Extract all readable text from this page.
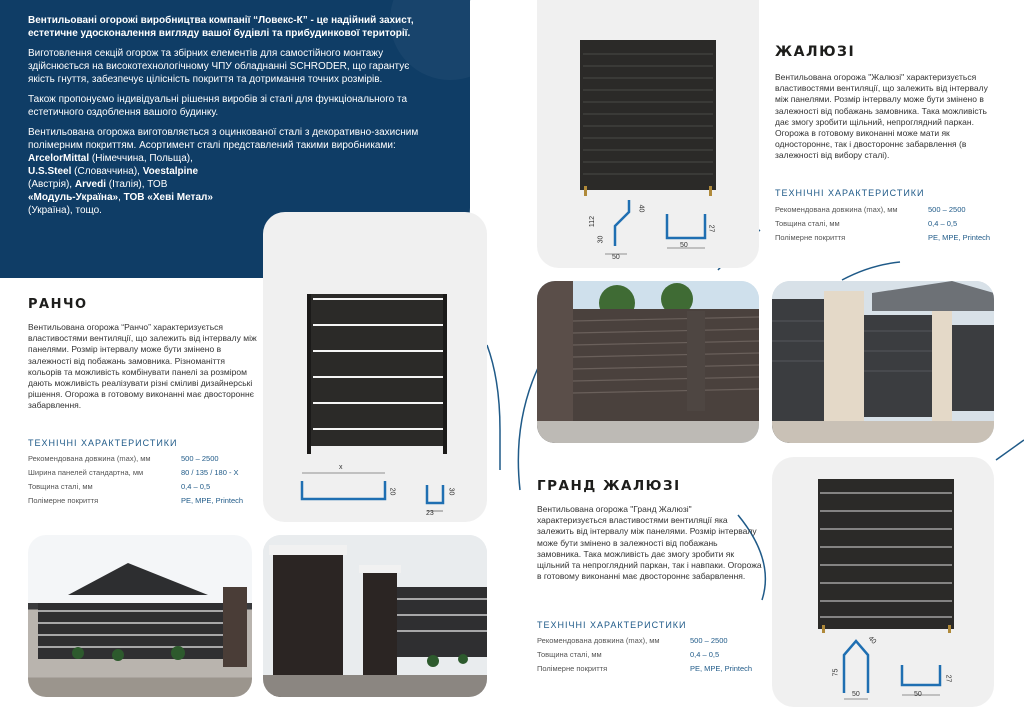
Вентильовані огорожі виробництва компанії “Ловекс-К” - це надійний захист, естетичне удосконалення вигляду вашої будівлі та прибудинкової території.

Виготовлення секцій огорож та збірних елементів для самостійного монтажу здійснюється на високотехнологічному ЧПУ обладнанні SCHRODER, що гарантує якість гнуття, забезпечує цілісність покриття та дотримання точних розмірів.

Також пропонуємо індивідуальні рішення виробів зі сталі для функціонального та естетичного оздоблення вашого будинку.

Вентильована огорожа виготовляється з оцинкованої сталі з декоративно-захисним полімерним покриттям. Асортимент сталі представлений такими виробниками: ArcelorMittal (Німеччина, Польща),
U.S.Steel (Словаччина), Voestalpine
(Австрія), Arvedi (Італія), ТОВ
«Модуль-Україна», ТОВ «Хеві Метал»
(Україна), тощо.

x
20	30
23
РАНЧО
Вентильована огорожа “Ранчо” характеризується властивостями вентиляції, що залежить від інтервалу між панелями. Розмір інтервалу може бути змінено в залежності від побажань замовника. Різноманіття кольорів та можливість комбінувати панелі за розміром дають можливість реалізувати різні сміливі дизайнерські рішення. Огорожа в готовому виконанні має двостороннє забарвлення.
ТЕХНІЧНІ ХАРАКТЕРИСТИКИ
Рекомендована довжина (max), мм	500 – 2500
Ширина панелей стандартна, мм	80 / 135 / 180 - Х
Товщина сталі, мм	0,4 – 0,5
Полімерне покриття	PE, MPE, Printech
112
40
30
50
27
50
ЖАЛЮЗІ
Вентильована огорожа "Жалюзі" характеризується властивостями вентиляції, що залежить від інтервалу між панелями. Розмір інтервалу може бути змінено в залежності від побажань замовника. Така можливість дає змогу зробити щільний, непроглядний паркан. Огорожа в готовому виконанні може мати як одностороннє, так і двостороннє забарвлення (в залежності від вибору сталі).
ТЕХНІЧНІ ХАРАКТЕРИСТИКИ
Рекомендована довжина (max), мм	500 – 2500
Товщина сталі, мм	0,4 – 0,5
Полімерне покриття	PE, MPE, Printech
40
75
50
27
50
ГРАНД ЖАЛЮЗІ
Вентильована огорожа "Гранд Жалюзі" характеризується властивостями вентиляції яка залежить від інтервалу між панелями. Розмір інтервалу може бути змінено в залежності від побажань замовника. Така можливість дає змогу зробити як щільний та непроглядний паркан, так і навпаки. Огорожа в готовому виконанні має двостороннє забарвлення.
ТЕХНІЧНІ ХАРАКТЕРИСТИКИ
Рекомендована довжина (max), мм	500 – 2500
Товщина сталі, мм	0,4 – 0,5
Полімерне покриття	PE, MPE, Printech
